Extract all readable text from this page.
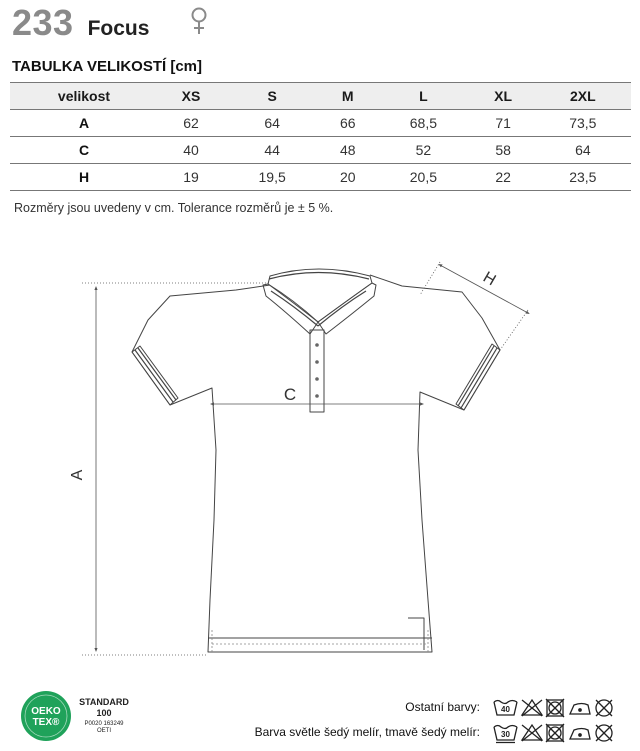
233 Focus
TABULKA VELIKOSTÍ [cm]
velikost	XS	S	M	L	XL	2XL
A	62	64	66	68,5	71	73,5
C	40	44	48	52	58	64
H	19	19,5	20	20,5	22	23,5
Rozměry jsou uvedeny v cm. Tolerance rozměrů je ± 5 %.
A
C
H
OEKO
TEX®
STANDARD
100
P0020 163249
OETI
Ostatní barvy:	40
Barva světle šedý melír, tmavě šedý melír:	30
